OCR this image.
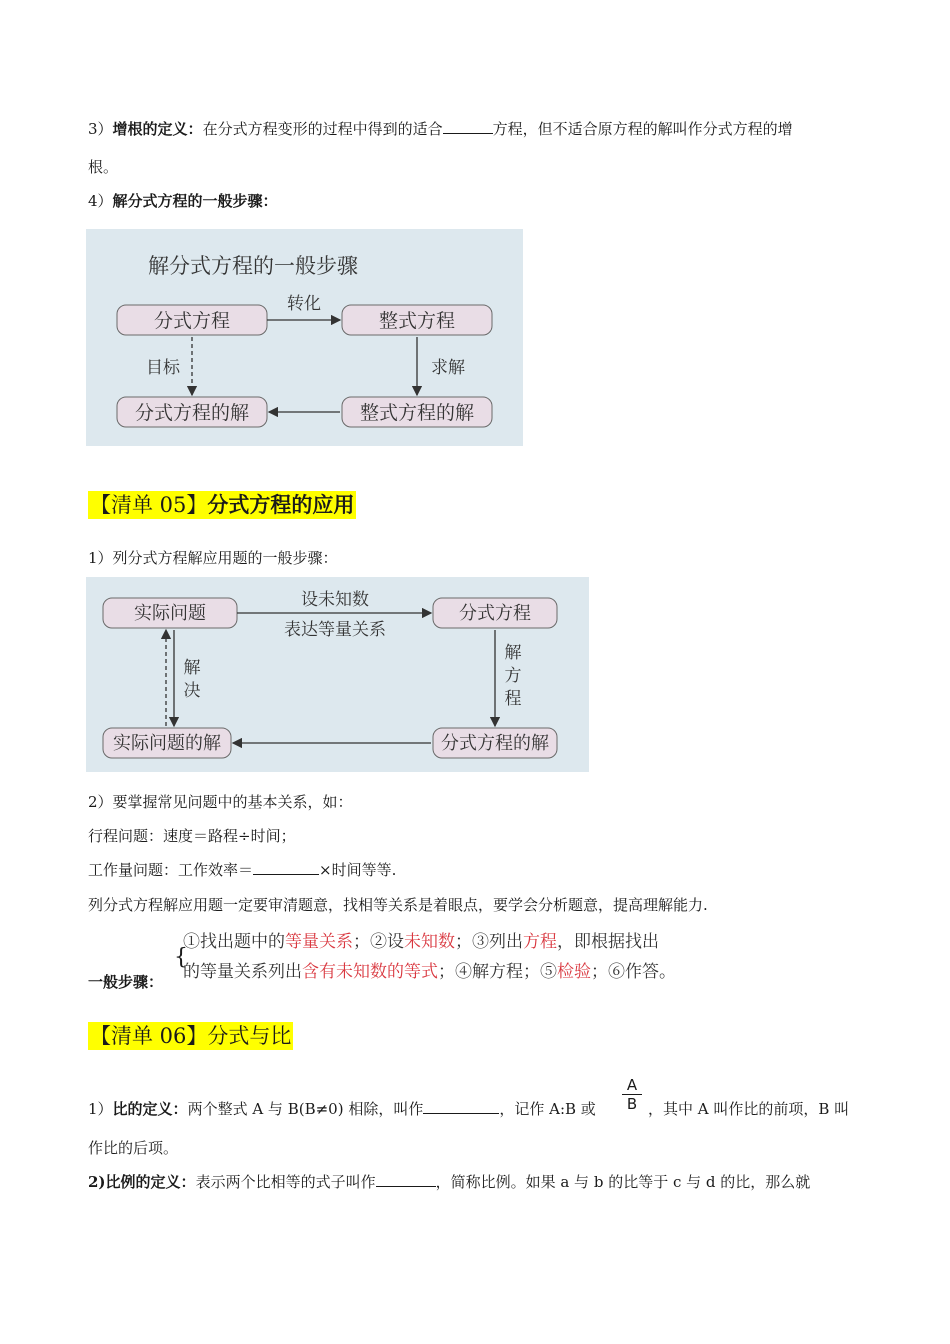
3）增根的定义：在分式方程变形的过程中得到的适合	方程，但不适合原方程的解叫作分式方程的增
根。
4）解分式方程的一般步骤：
解分式方程的一般步骤
分式方程	整式方程
分式方程的解	整式方程的解
转化
求解
目标
【清单 05】分式方程的应用
1）列分式方程解应用题的一般步骤：
实际问题	分式方程
实际问题的解	分式方程的解
设未知数
表达等量关系
解
方
程
解
决
2）要掌握常见问题中的基本关系，如：
行程问题：速度＝路程÷时间；
工作量问题：工作效率＝	×时间等等.
列分式方程解应用题一定要审清题意，找相等关系是着眼点，要学会分析题意，提高理解能力.
一般步骤：
{
①找出题中的等量关系；②设未知数；③列出方程，即根据找出
的等量关系列出含有未知数的等式；④解方程；⑤检验；⑥作答。
【清单 06】分式与比
1）比的定义：两个整式 A 与 B(B≠0) 相除，叫作	，记作 A:B 或 $\frac{A}{B}$ ，其中 A 叫作比的前项，B 叫
作比的后项。
2)比例的定义：表示两个比相等的式子叫作	，简称比例。如果 a 与 b 的比等于 c 与 d 的比，那么就
